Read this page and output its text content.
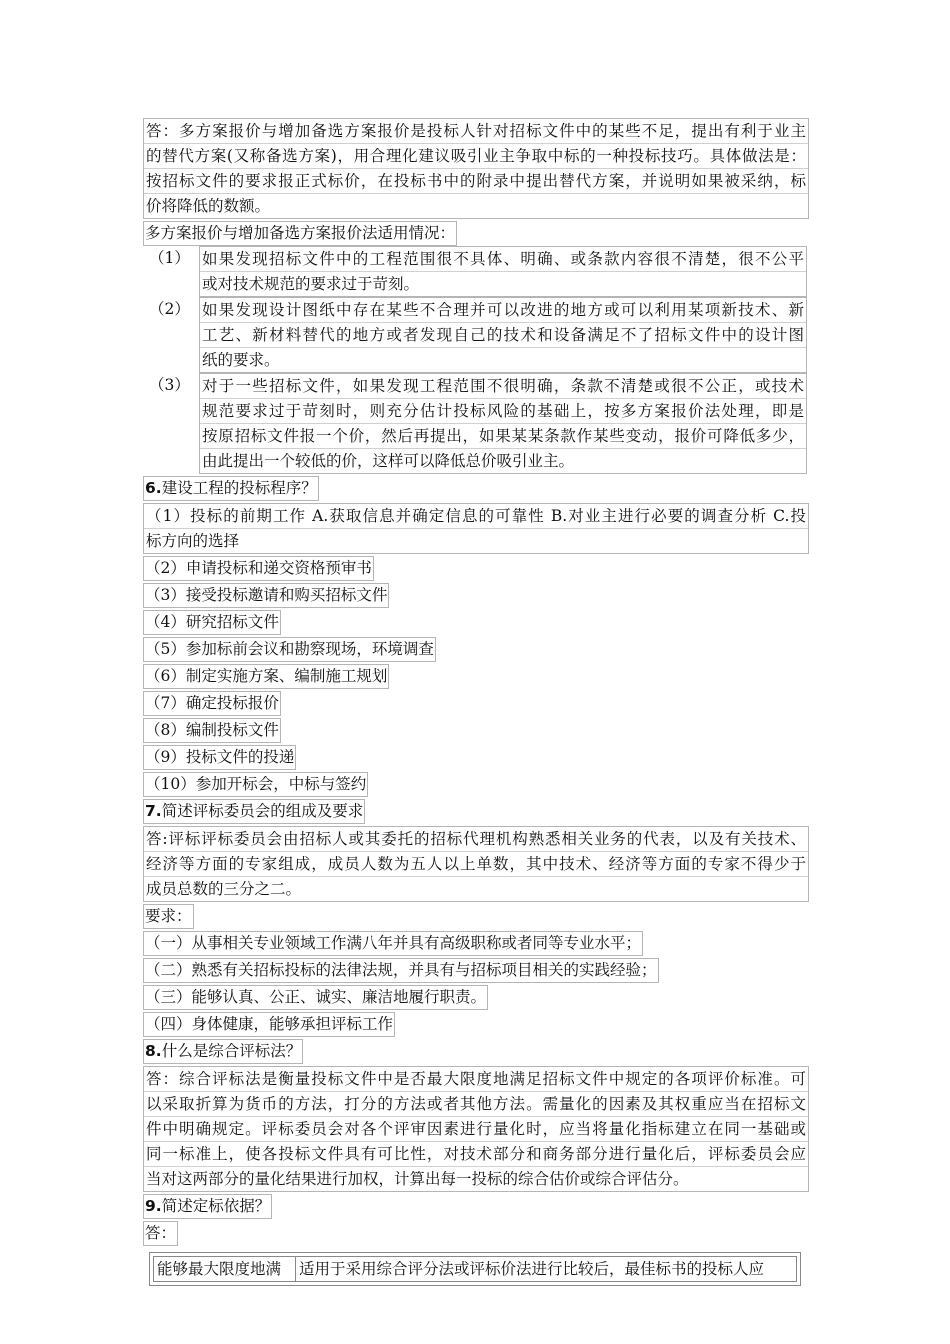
答：多方案报价与增加备选方案报价是投标人针对招标文件中的某些不足，提出有利于业主
的替代方案(又称备选方案)，用合理化建议吸引业主争取中标的一种投标技巧。具体做法是：
按招标文件的要求报正式标价，在投标书中的附录中提出替代方案，并说明如果被采纳，标
价将降低的数额。
多方案报价与增加备选方案报价法适用情况：
（1） 如果发现招标文件中的工程范围很不具体、明确、或条款内容很不清楚，很不公平
或对技术规范的要求过于苛刻。
（2） 如果发现设计图纸中存在某些不合理并可以改进的地方或可以利用某项新技术、新
工艺、新材料替代的地方或者发现自己的技术和设备满足不了招标文件中的设计图
纸的要求。
（3） 对于一些招标文件，如果发现工程范围不很明确，条款不清楚或很不公正，或技术
规范要求过于苛刻时，则充分估计投标风险的基础上，按多方案报价法处理，即是
按原招标文件报一个价，然后再提出，如果某某条款作某些变动，报价可降低多少，
由此提出一个较低的价，这样可以降低总价吸引业主。
6.建设工程的投标程序？
（1）投标的前期工作 A.获取信息并确定信息的可靠性 B.对业主进行必要的调查分析 C.投
标方向的选择
（2）申请投标和递交资格预审书
（3）接受投标邀请和购买招标文件
（4）研究招标文件
（5）参加标前会议和勘察现场，环境调查
（6）制定实施方案、编制施工规划
（7）确定投标报价
（8）编制投标文件
（9）投标文件的投递
（10）参加开标会，中标与签约
7.简述评标委员会的组成及要求
答:评标评标委员会由招标人或其委托的招标代理机构熟悉相关业务的代表，以及有关技术、
经济等方面的专家组成，成员人数为五人以上单数，其中技术、经济等方面的专家不得少于
成员总数的三分之二。
要求：
（一）从事相关专业领域工作满八年并具有高级职称或者同等专业水平；
（二）熟悉有关招标投标的法律法规，并具有与招标项目相关的实践经验；
（三）能够认真、公正、诚实、廉洁地履行职责。
（四）身体健康，能够承担评标工作
8.什么是综合评标法？
答：综合评标法是衡量投标文件中是否最大限度地满足招标文件中规定的各项评价标准。可
以采取折算为货币的方法，打分的方法或者其他方法。需量化的因素及其权重应当在招标文
件中明确规定。评标委员会对各个评审因素进行量化时，应当将量化指标建立在同一基础或
同一标准上，使各投标文件具有可比性，对技术部分和商务部分进行量化后，评标委员会应
当对这两部分的量化结果进行加权，计算出每一投标的综合估价或综合评估分。
9.简述定标依据？
答：
能够最大限度地满	适用于采用综合评分法或评标价法进行比较后，最佳标书的投标人应
